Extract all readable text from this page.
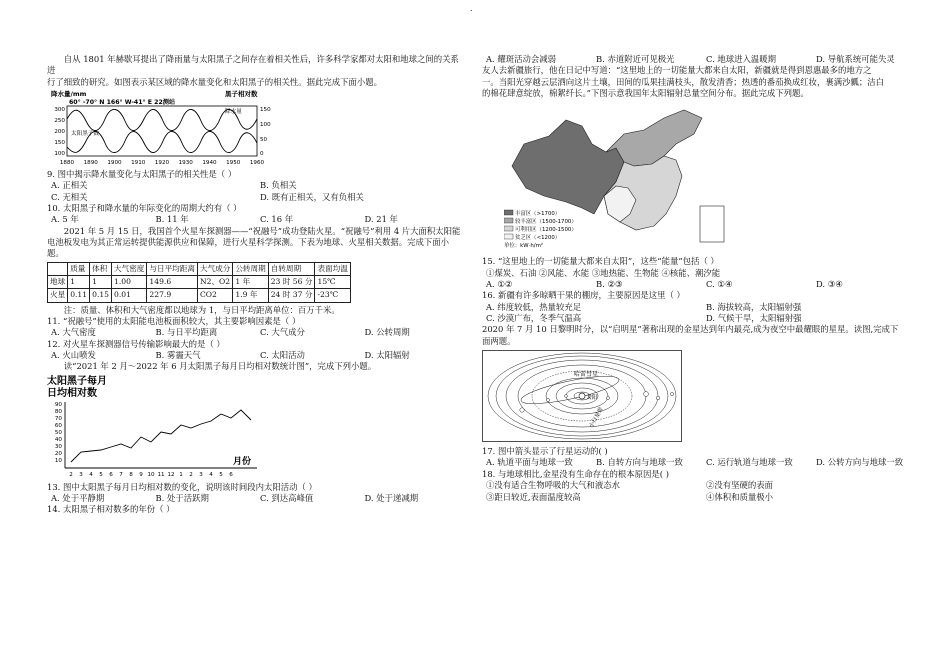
.

自从 1801 年赫歇耳提出了降雨量与太阳黑子之间存在着相关性后，许多科学家都对太阳和地球之间的关系进

行了细致的研究。如图表示某区域的降水量变化和太阳黑子的相关性。据此完成下面小题。

降水量/mm	黑子相对数
60° -70° N 166° W-41° E 22测站
300
250
200
150
100
150
100
50
0
降水量
太阳黑子数
1880 1890 1900 1910 1920 1930 1940 1950 1960

9. 图中揭示降水量变化与太阳黑子的相关性是（ ）

A. 正相关	B. 负相关
C. 无相关	D. 既有正相关，又有负相关

10. 太阳黑子和降水量的年际变化的周期大约有（ ）

A. 5 年	B. 11 年	C. 16 年	D. 21 年

2021 年 5 月 15 日，我国首个火星车探测器——“祝融号”成功登陆火星。“祝融号”利用 4 片大面积太阳能

电池板发电为其正常运转提供能源供应和保障，进行火星科学探测。下表为地球、火星相关数据。完成下面小

题。

	质量	体积	大气密度	与日平均距离	大气成分	公转周期	自转周期	表面均温
地球	1	1	1.00	149.6	N2、O2	1 年	23 时 56 分	15℃
火星	0.11	0.15	0.01	227.9	CO2	1.9 年	24 时 37 分	-23℃

注：质量、体积和大气密度都以地球为 1，与日平均距离单位：百万千米。

11. “祝融号”使用的太阳能电池板面积较大，其主要影响因素是（ ）

A. 大气密度	B. 与日平均距离	C. 大气成分	D. 公转周期

12. 对火星车探测器信号传输影响最大的是（ ）

A. 火山喷发	B. 雾霾天气	C. 太阳活动	D. 太阳辐射

读“2021 年 2 月～2022 年 6 月太阳黑子每月日均相对数统计图”，完成下列小题。

太阳黑子每月
日均相对数
90
80
70
60
50
40
30
20
10
2 3 4 5 6 7 8 9 10 11 12 1 2 3 4 5 6
月份

13. 图中太阳黑子每月日均相对数的变化，说明该时间段内太阳活动（ ）

A. 处于平静期	B. 处于活跃期	C. 到达高峰值	D. 处于递减期

14. 太阳黑子相对数多的年份（ ）

A. 耀斑活动会减弱	B. 赤道附近可见极光	C. 地球进入温暖期	D. 导航系统可能失灵

友人去新疆旅行，他在日记中写道：“这里地上的一切能量大都来自太阳，新疆就是得到恩惠最多的地方之

一。当阳光穿越云层洒向这片土壤，田间的瓜果挂满枝头，散发清香；热透的番茄换成红妆，裹满沙瓤；洁白

的棉花肆意绽放，棉絮纤长。”下图示意我国年太阳辐射总量空间分布。据此完成下列题。

丰富区（>1700）
较丰富区（1500-1700）
可利用区（1200-1500）
贫乏区（<1200）
单位：kW·h/m²

15. “这里地上的一切能量大都来自太阳”，这些“能量”包括（ ）

①煤炭、石油 ②风能、水能 ③地热能、生物能 ④核能、潮汐能

A. ①②	B. ②③	C. ①④	D. ③④

16. 新疆有许多晾晒干果的棚房，主要原因是这里（ ）

A. 纬度较低，热量较充足	B. 海拔较高，太阳辐射强
C. 沙漠广布，冬季气温高	D. 气候干旱，太阳辐射强

2020 年 7 月 10 日黎明时分，以“启明星”著称出现的金星达到年内最亮,成为夜空中最耀眼的星星。读图,完成下

面两题。

哈雷彗星
太阳
小行星带

17. 图中箭头显示了行星运动的( )

A. 轨道平面与地球一致	B. 自转方向与地球一致	C. 运行轨道与地球一致	D. 公转方向与地球一致

18. 与地球相比,金星没有生命存在的根本原因是( )

①没有适合生物呼吸的大气和液态水	②没有坚硬的表面
③距日较近,表面温度较高	④体积和质量极小
